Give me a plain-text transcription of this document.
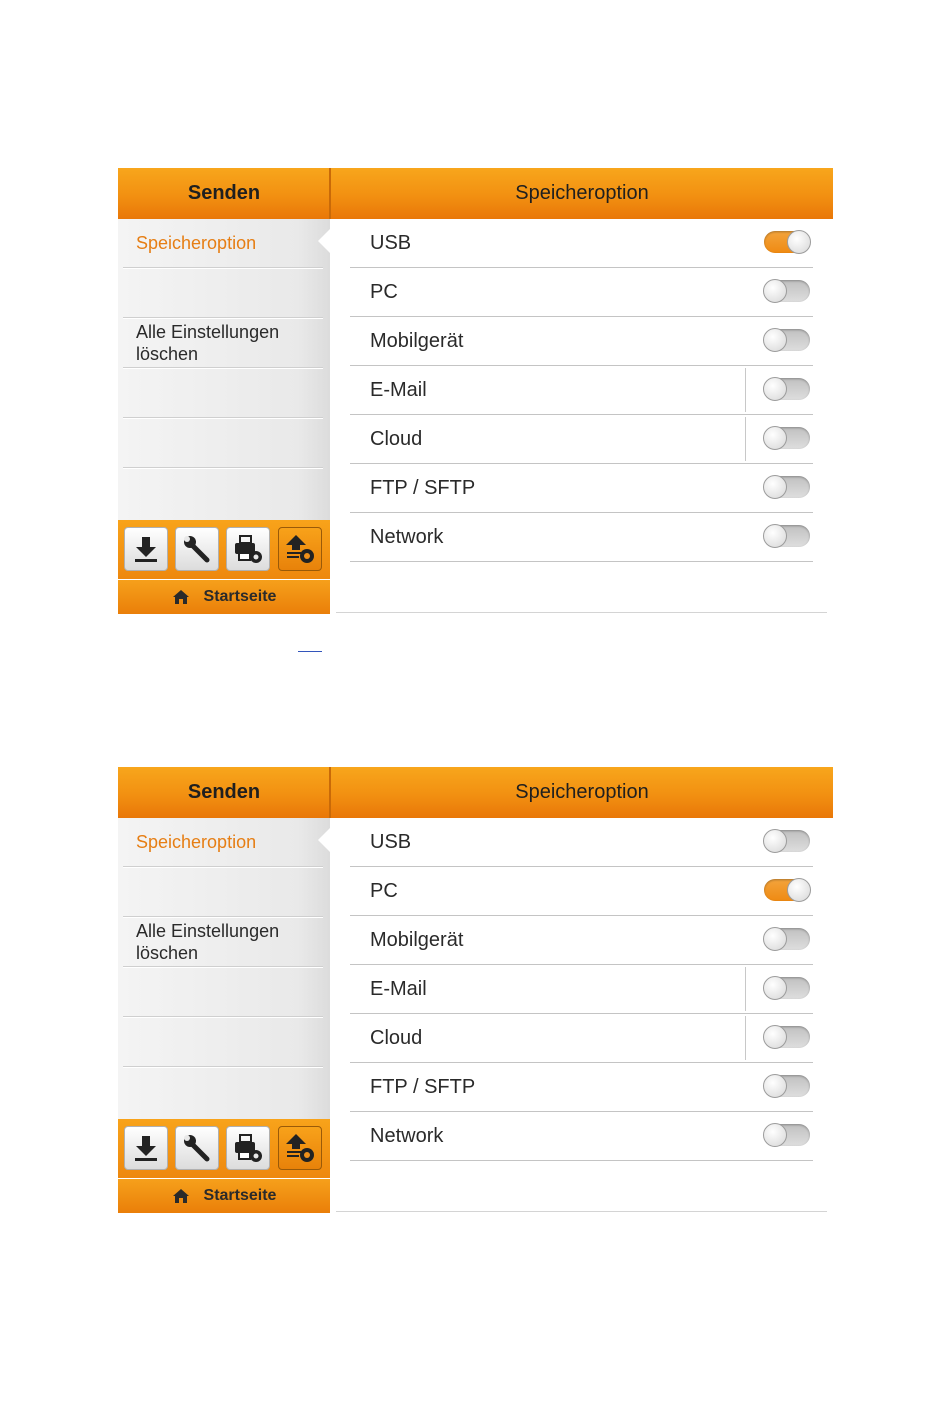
Senden	Speicheroption
Speicheroption
Alle Einstellungen löschen
Startseite
USB
PC
Mobilgerät
E-Mail
Cloud
FTP / SFTP
Network
Senden	Speicheroption
Speicheroption
Alle Einstellungen löschen
Startseite
USB
PC
Mobilgerät
E-Mail
Cloud
FTP / SFTP
Network
